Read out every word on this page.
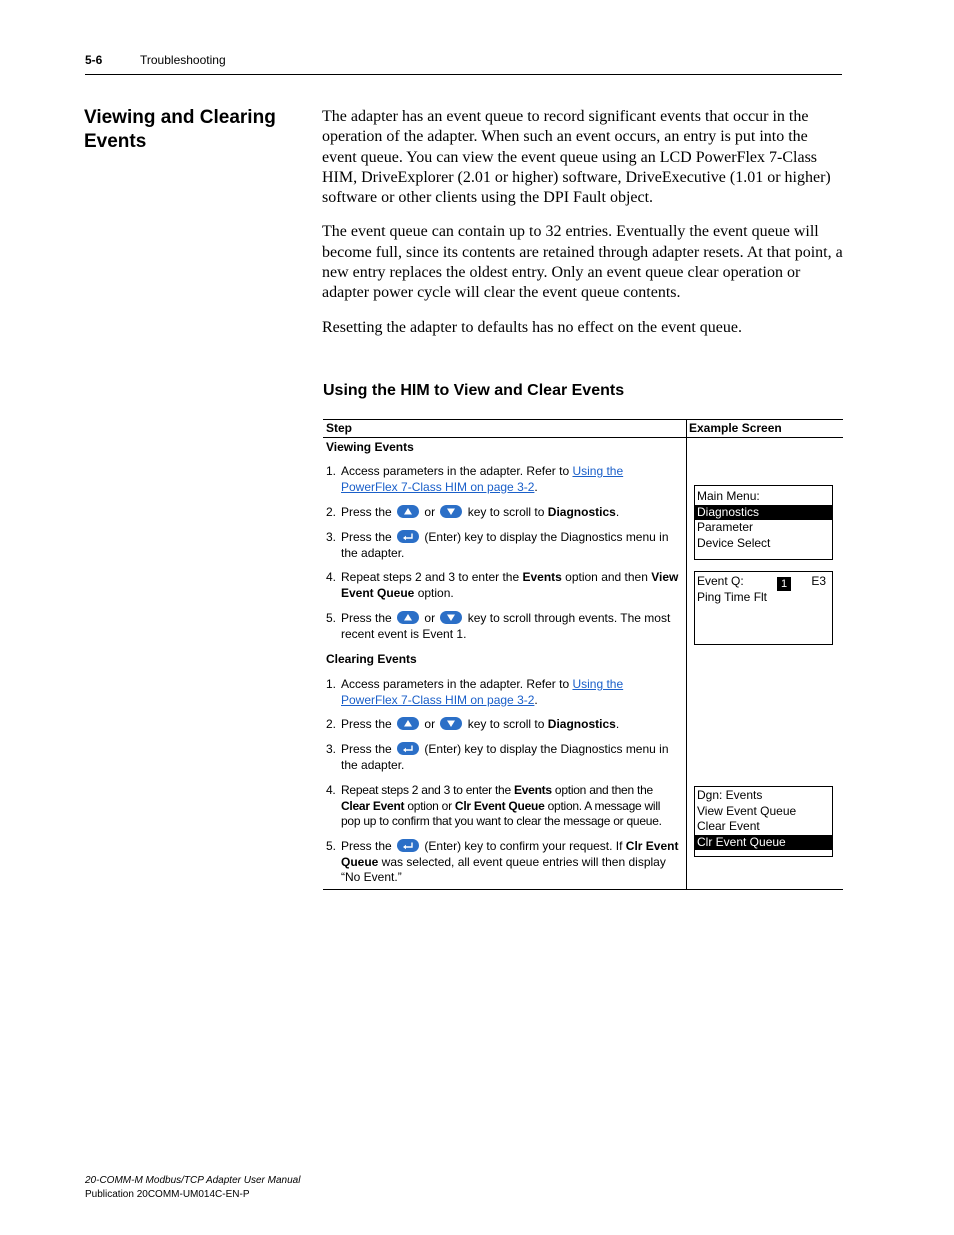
5-6	Troubleshooting
Viewing and Clearing Events

The adapter has an event queue to record significant events that occur in the operation of the adapter. When such an event occurs, an entry is put into the event queue. You can view the event queue using an LCD PowerFlex 7-Class HIM, DriveExplorer (2.01 or higher) software, DriveExecutive (1.01 or higher) software or other clients using the DPI Fault object.

The event queue can contain up to 32 entries. Eventually the event queue will become full, since its contents are retained through adapter resets. At that point, a new entry replaces the oldest entry. Only an event queue clear operation or adapter power cycle will clear the event queue contents.

Resetting the adapter to defaults has no effect on the event queue.

Using the HIM to View and Clear Events
Step	Example Screen
Viewing Events
1. Access parameters in the adapter. Refer to Using the PowerFlex 7-Class HIM on page 3-2.
2. Press the	or	key to scroll to Diagnostics.
3. Press the	(Enter) key to display the Diagnostics menu in the adapter.
4. Repeat steps 2 and 3 to enter the Events option and then View Event Queue option.
5. Press the	or	key to scroll through events. The most recent event is Event 1.
Clearing Events
1. Access parameters in the adapter. Refer to Using the PowerFlex 7-Class HIM on page 3-2.
2. Press the	or	key to scroll to Diagnostics.
3. Press the	(Enter) key to display the Diagnostics menu in the adapter.
4. Repeat steps 2 and 3 to enter the Events option and then the Clear Event option or Clr Event Queue option. A message will pop up to confirm that you want to clear the message or queue.
5. Press the	(Enter) key to confirm your request. If Clr Event Queue was selected, all event queue entries will then display “No Event.”
Main Menu:
Diagnostics
Parameter
Device Select
Event Q:	1	E3
Ping Time Flt
Dgn: Events
View Event Queue
Clear Event
Clr Event Queue
20-COMM-M Modbus/TCP Adapter User Manual
Publication 20COMM-UM014C-EN-P
